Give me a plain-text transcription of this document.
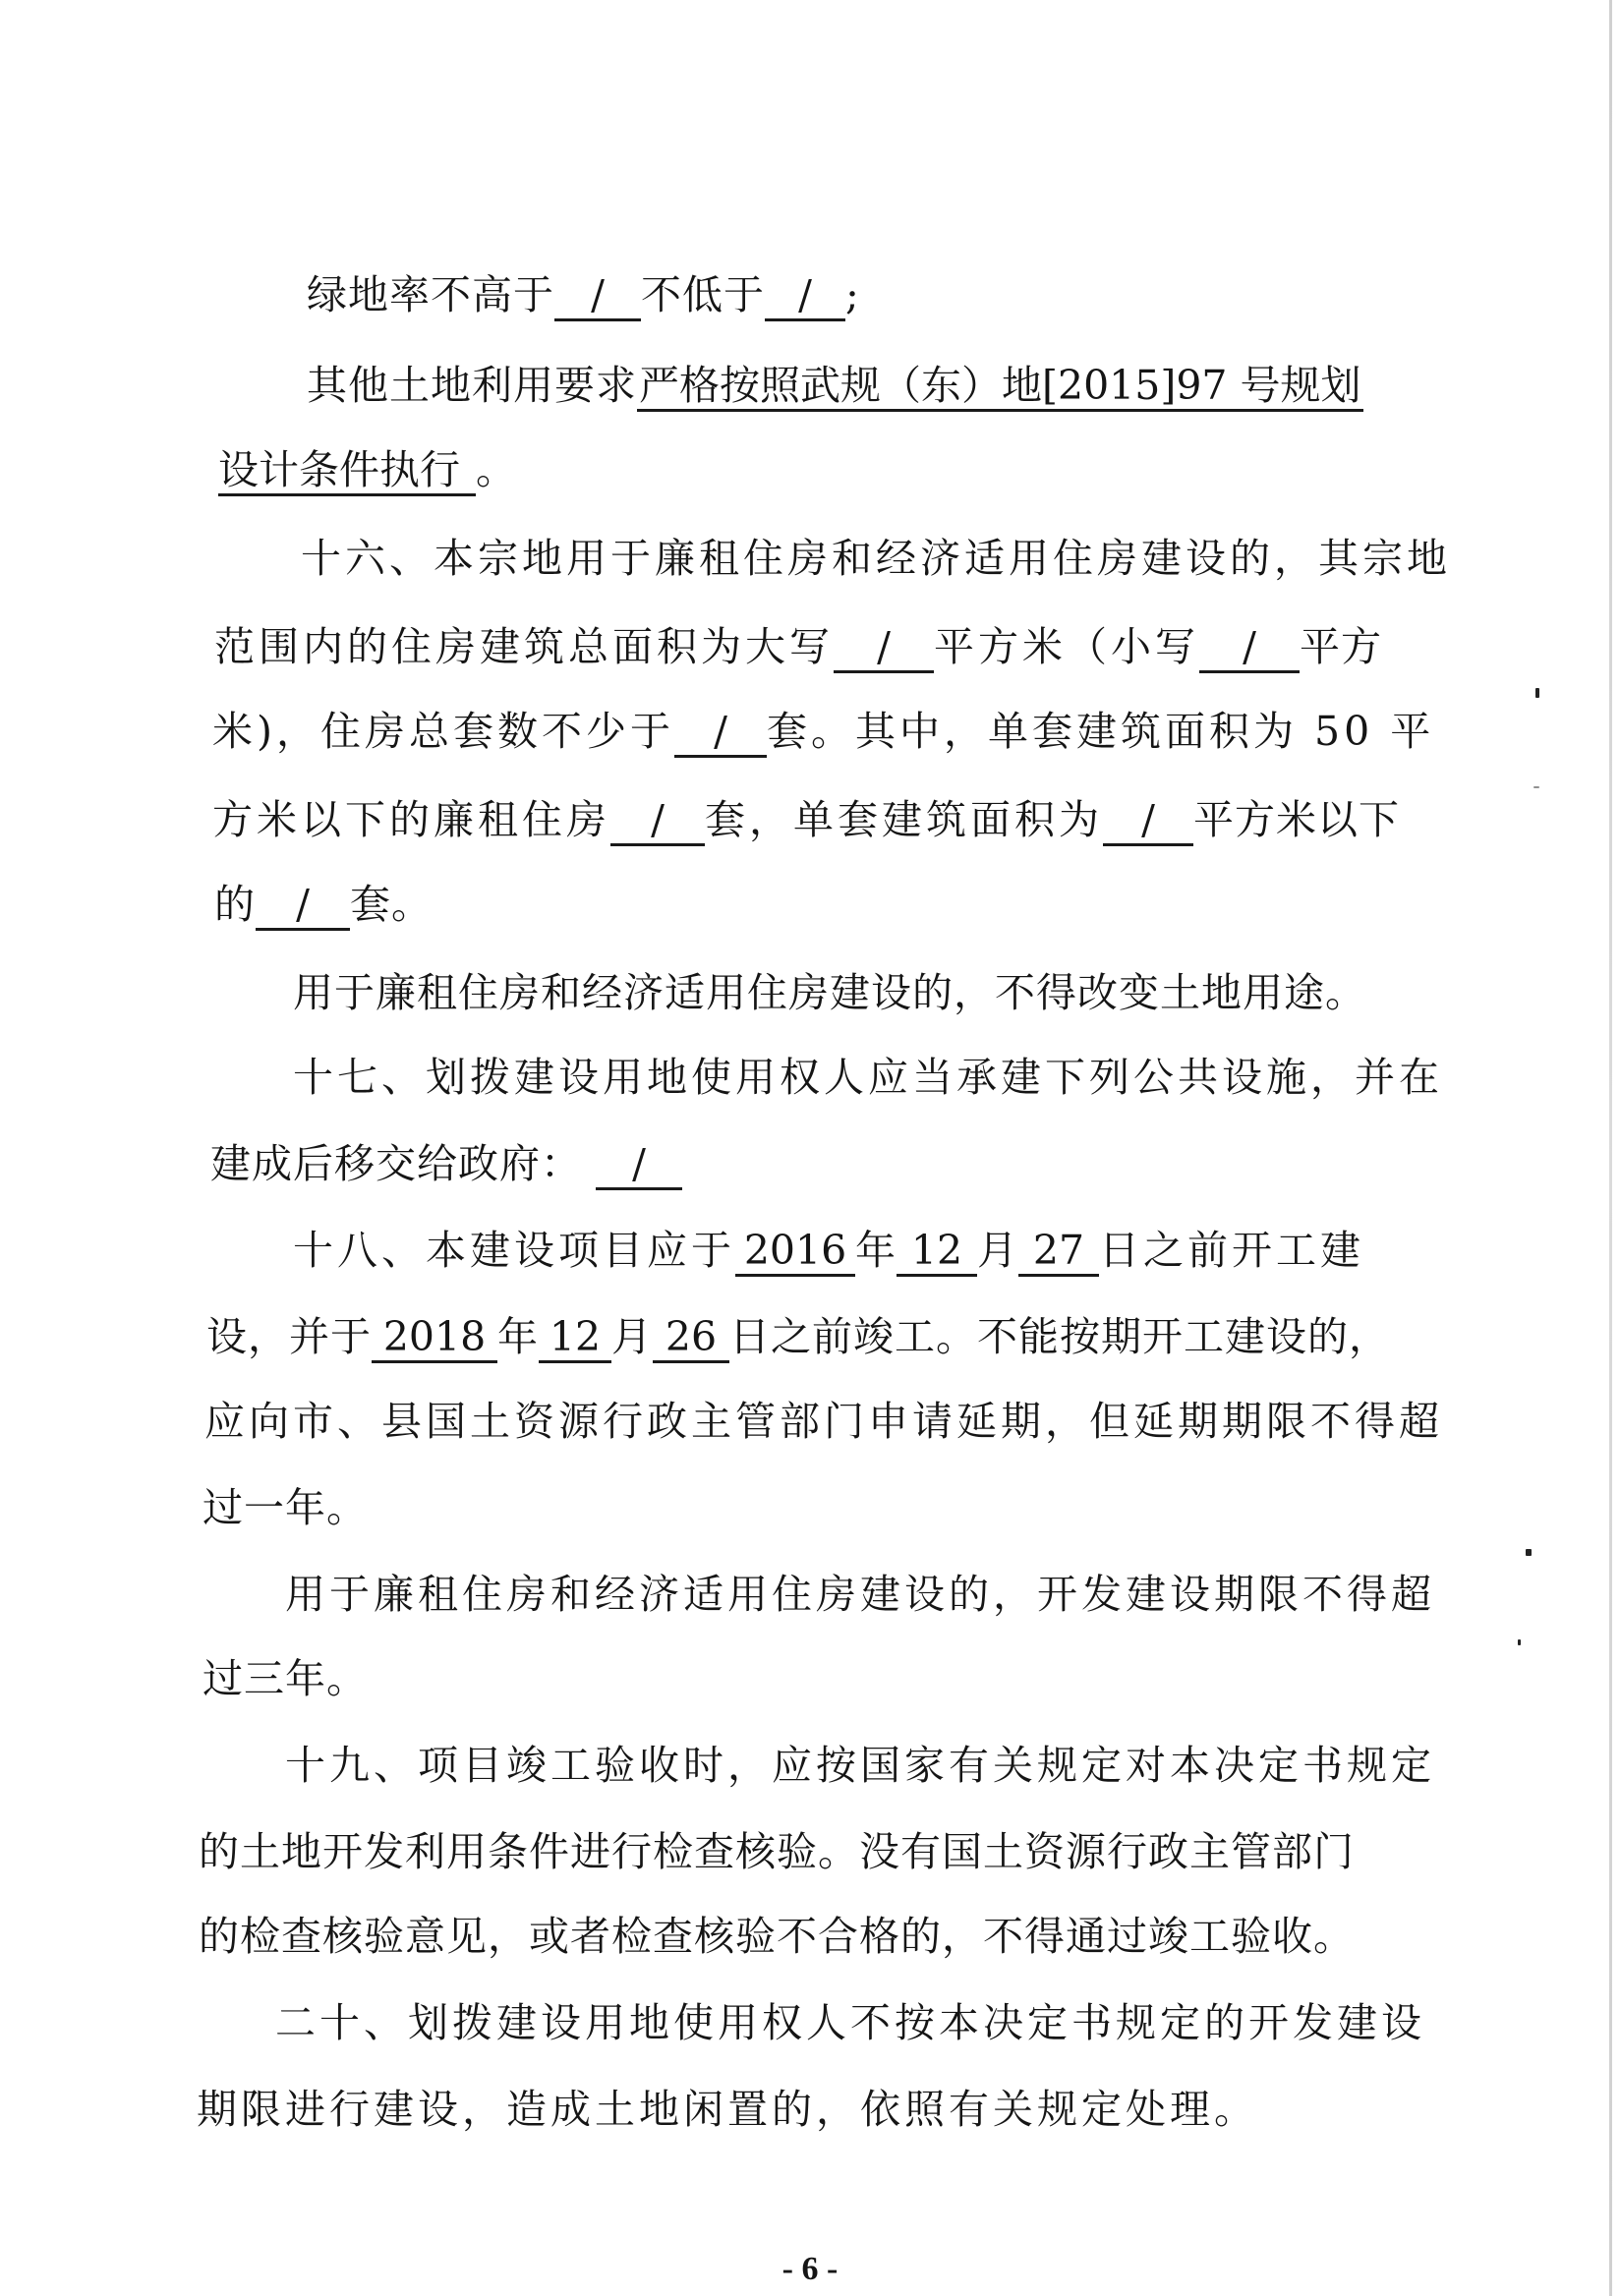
绿地率不高于 / 不低于 / ;
其他土地利用要求严格按照武规（东）地[2015]97 号规划
设计条件执行 。
十六、本宗地用于廉租住房和经济适用住房建设的，其宗地
范围内的住房建筑总面积为大写 / 平方米（小写 / 平方
米)，住房总套数不少于 / 套。其中，单套建筑面积为 50 平
方米以下的廉租住房 / 套，单套建筑面积为 / 平方米以下
的 / 套。
用于廉租住房和经济适用住房建设的，不得改变土地用途。
十七、划拨建设用地使用权人应当承建下列公共设施，并在
建成后移交给政府： /
十八、本建设项目应于 2016 年 12 月 27 日之前开工建
设，并于 2018 年 12 月 26 日之前竣工。不能按期开工建设的，
应向市、县国土资源行政主管部门申请延期，但延期期限不得超
过一年。
用于廉租住房和经济适用住房建设的，开发建设期限不得超
过三年。
十九、项目竣工验收时，应按国家有关规定对本决定书规定
的土地开发利用条件进行检查核验。没有国土资源行政主管部门
的检查核验意见，或者检查核验不合格的，不得通过竣工验收。
二十、划拨建设用地使用权人不按本决定书规定的开发建设
期限进行建设，造成土地闲置的，依照有关规定处理。
- 6 -
